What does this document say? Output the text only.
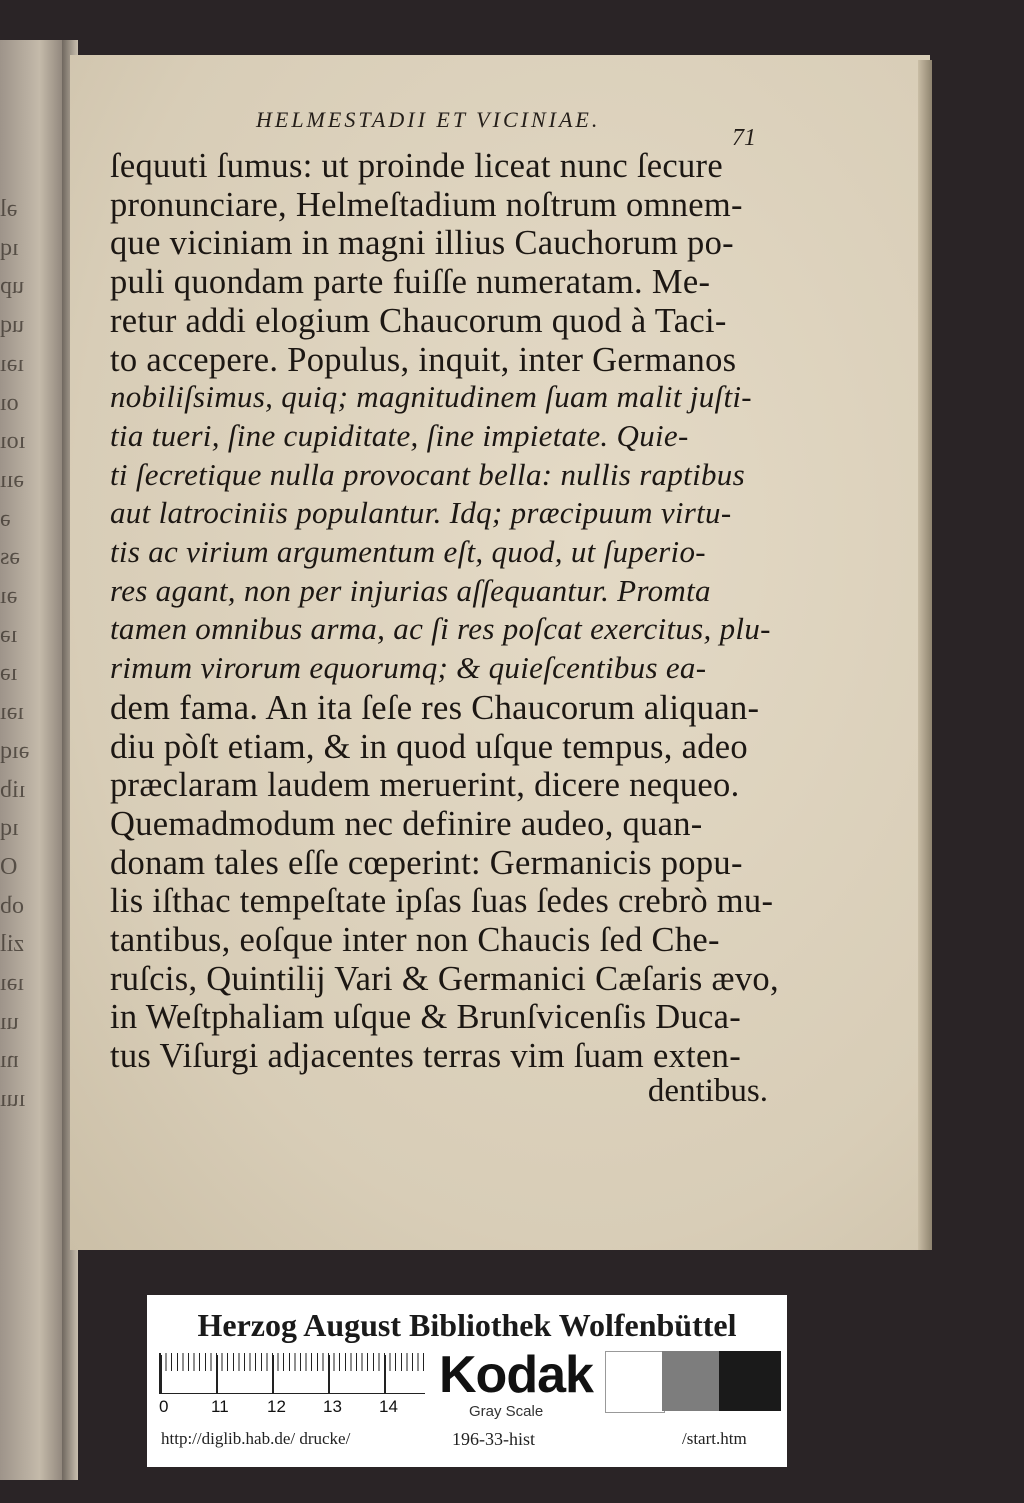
əl
ıq
up
uq
ıəı
oı
ıoı
əıı
ə
əs
əı
ıə
ıə
ıəı
əıq
ıib
ıq
O
ob
zil
ıəı
uı
nı
ıuı
HELMESTADII ET VICINIAE.
71
ſequuti ſumus: ut proinde liceat nunc ſecure
pronunciare, Helmeſtadium noſtrum omnem-
que viciniam in magni illius Cauchorum po-
puli quondam parte fuiſſe numeratam. Me-
retur addi elogium Chaucorum quod à Taci-
to accepere. Populus, inquit, inter Germanos
nobiliſsimus, quiq; magnitudinem ſuam malit juſti-
tia tueri, ſine cupiditate, ſine impietate. Quie-
ti ſecretique nulla provocant bella: nullis raptibus
aut latrociniis populantur. Idq; præcipuum virtu-
tis ac virium argumentum eſt, quod, ut ſuperio-
res agant, non per injurias aſſequantur. Promta
tamen omnibus arma, ac ſi res poſcat exercitus, plu-
rimum virorum equorumq; & quieſcentibus ea-
dem fama. An ita ſeſe res Chaucorum aliquan-
diu pòſt etiam, & in quod uſque tempus, adeo
præclaram laudem meruerint, dicere nequeo.
Quemadmodum nec definire audeo, quan-
donam tales eſſe cœperint: Germanicis popu-
lis iſthac tempeſtate ipſas ſuas ſedes crebrò mu-
tantibus, eoſque inter non Chaucis ſed Che-
ruſcis, Quintilij Vari & Germanici Cæſaris ævo,
in Weſtphaliam uſque & Brunſvicenſis Duca-
tus Viſurgi adjacentes terras vim ſuam exten-
dentibus.
Herzog August Bibliothek Wolfenbüttel
0	11 12 13 14
Kodak
Gray Scale
http://diglib.hab.de/ drucke/	196-33-hist	/start.htm
